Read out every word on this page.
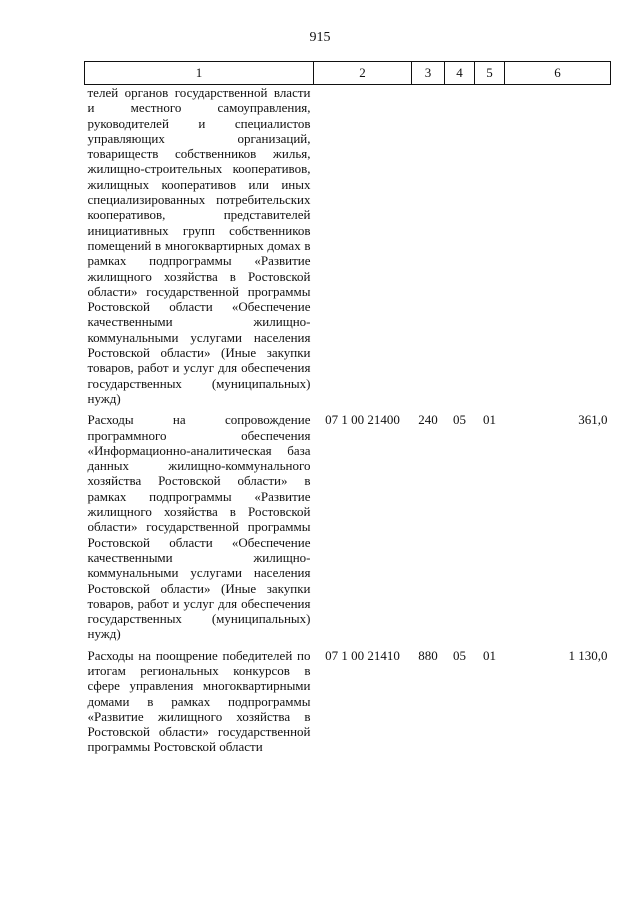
915
1	2	3	4	5	6
телей органов государственной власти и местного самоуправления, руководителей и специалистов управляющих организаций, товариществ собственников жилья, жилищно-строительных кооперативов, жилищных кооперативов или иных специализированных потребительских кооперативов, представителей инициативных групп собственников помещений в многоквартирных домах в рамках подпрограммы «Развитие жилищного хозяйства в Ростовской области» государственной программы Ростовской области «Обеспечение качественными жилищно-коммунальными услугами населения Ростовской области» (Иные закупки товаров, работ и услуг для обеспечения государственных (муниципальных) нужд)					
Расходы на сопровождение программного обеспечения «Информационно-аналитическая база данных жилищно-коммунального хозяйства Ростовской области» в рамках подпрограммы «Развитие жилищного хозяйства в Ростовской области» государственной программы Ростовской области «Обеспечение качественными жилищно-коммунальными услугами населения Ростовской области» (Иные закупки товаров, работ и услуг для обеспечения государственных (муниципальных) нужд)	07 1 00 21400	240	05	01	361,0
Расходы на поощрение победителей по итогам региональных конкурсов в сфере управления многоквартирными домами в рамках подпрограммы «Развитие жилищного хозяйства в Ростовской области» государственной программы Ростовской области	07 1 00 21410	880	05	01	1 130,0
